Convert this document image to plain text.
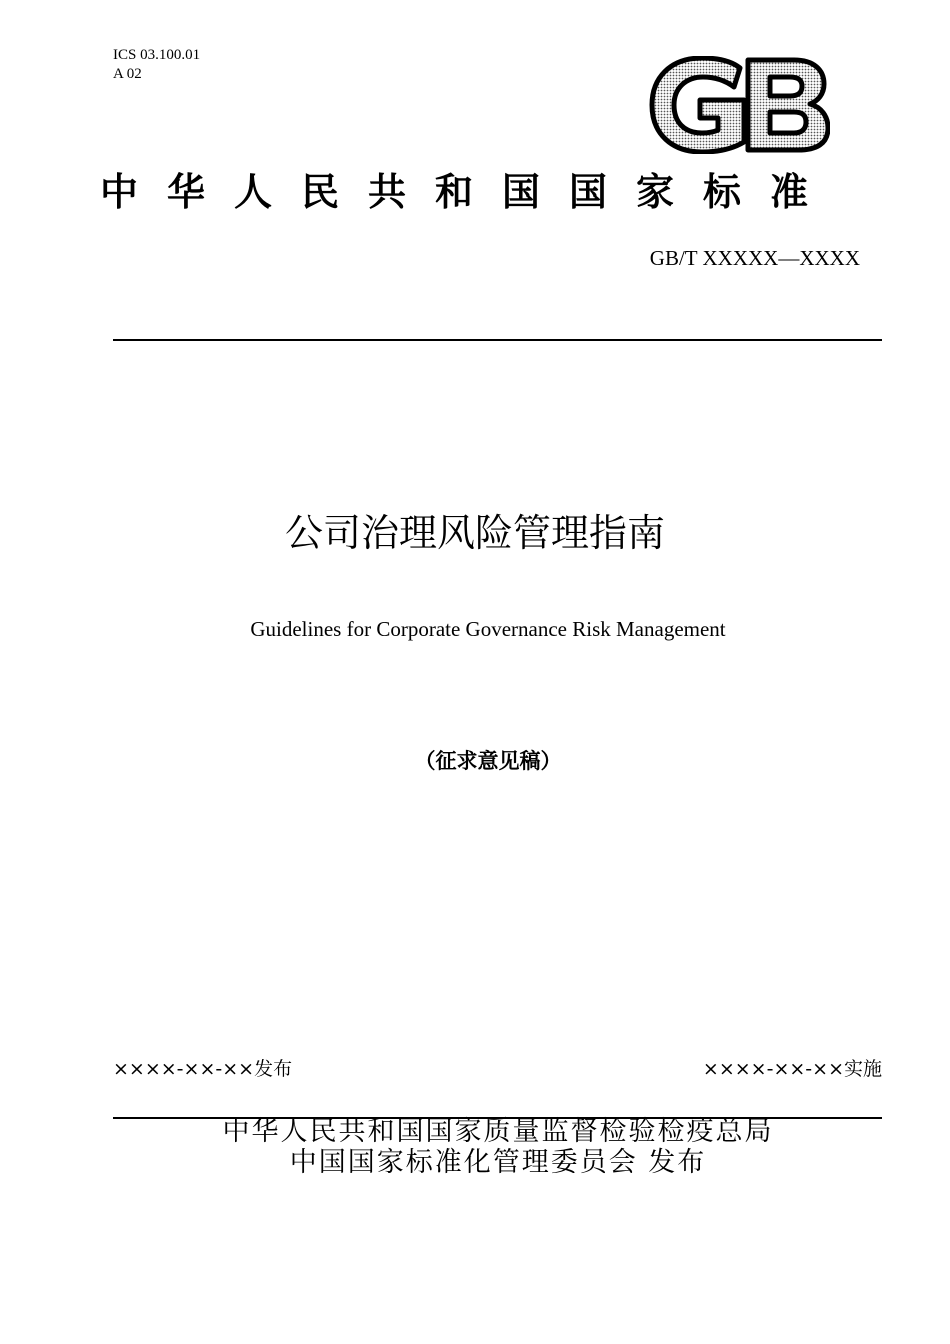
ICS 03.100.01
A 02
中华人民共和国国家标准
GB/T XXXXX—XXXX
公司治理风险管理指南
Guidelines for Corporate Governance Risk Management
（征求意见稿）
××××-××-××发布	××××-××-××实施
中华人民共和国国家质量监督检验检疫总局
中国国家标准化管理委员会 发布
